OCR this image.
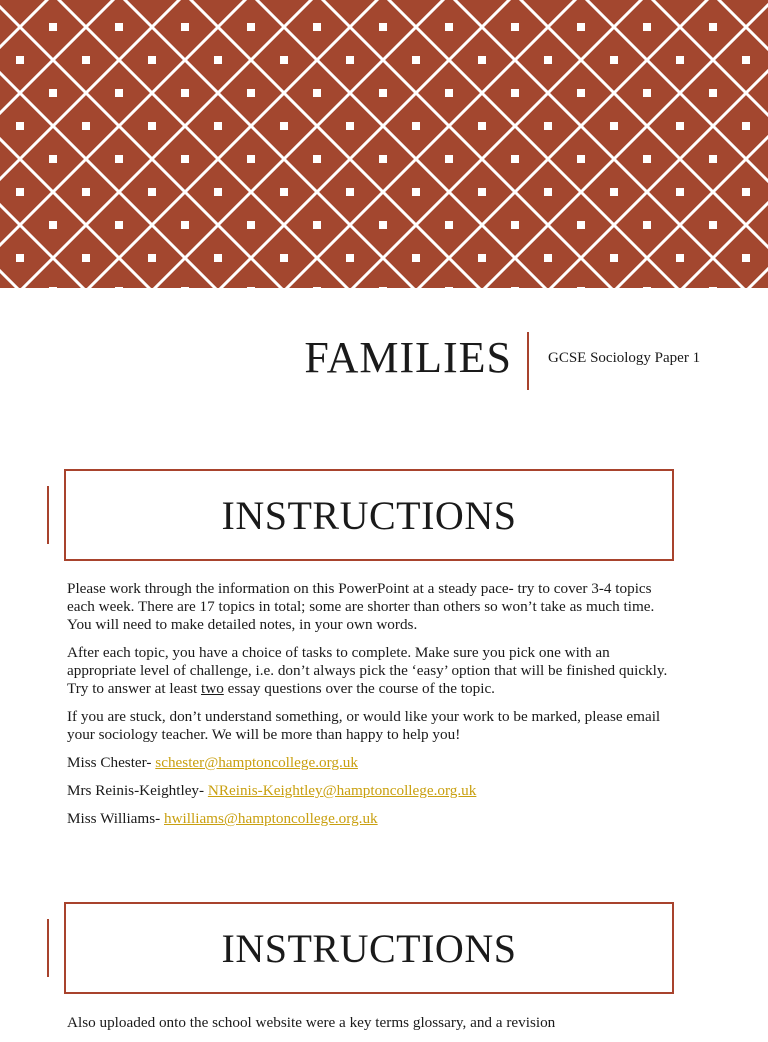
FAMILIES GCSE Sociology Paper 1
INSTRUCTIONS

Please work through the information on this PowerPoint at a steady pace- try to cover 3-4 topics each week. There are 17 topics in total; some are shorter than others so won’t take as much time. You will need to make detailed notes, in your own words.

After each topic, you have a choice of tasks to complete. Make sure you pick one with an appropriate level of challenge, i.e. don’t always pick the ‘easy’ option that will be finished quickly. Try to answer at least two essay questions over the course of the topic.

If you are stuck, don’t understand something, or would like your work to be marked, please email your sociology teacher. We will be more than happy to help you!

Miss Chester- schester@hamptoncollege.org.uk

Mrs Reinis-Keightley- NReinis-Keightley@hamptoncollege.org.uk

Miss Williams- hwilliams@hamptoncollege.org.uk

INSTRUCTIONS

Also uploaded onto the school website were a key terms glossary, and a revision
